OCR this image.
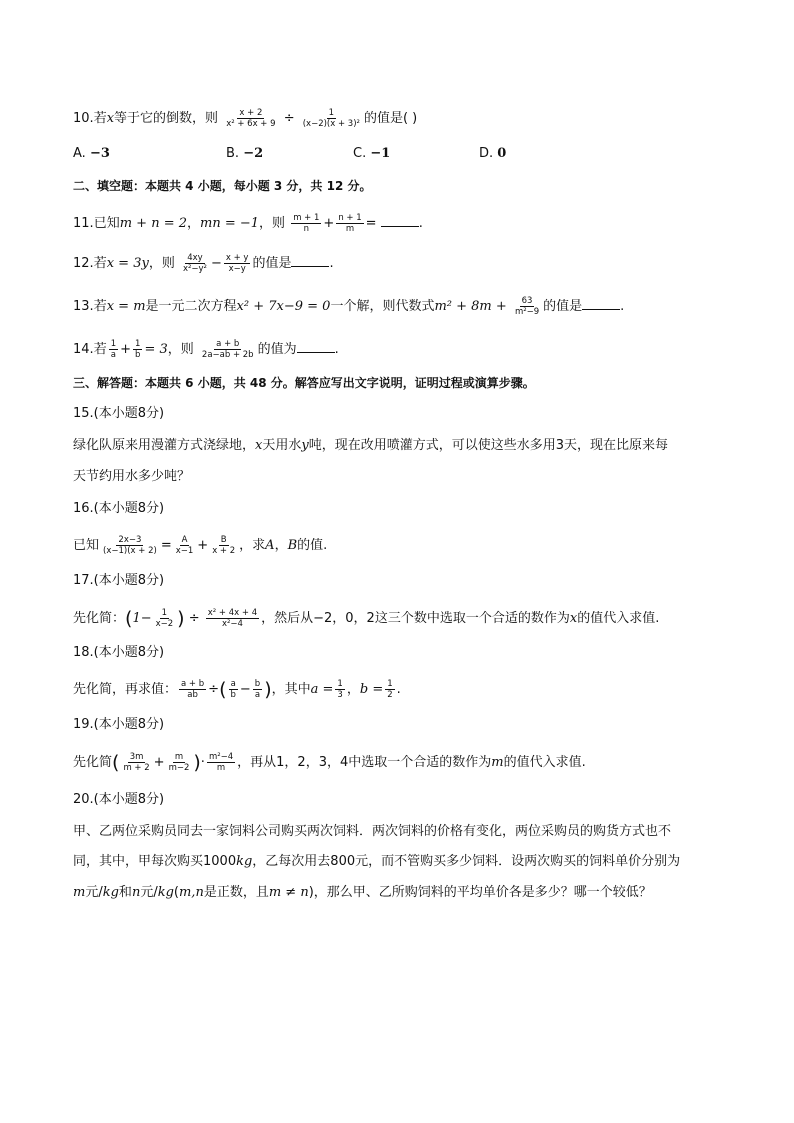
10.若x等于它的倒数，则 $\frac{x + 2}{\text{x² + 6x + 9}} \div \frac{1}{\text{(x−2)(x + 3)²}}$ 的值是( )
A. −3	B. −2	C. −1	D. 0
二、填空题：本题共 4 小题，每小题 3 分，共 12 分。
11.已知m + n = 2，mn = −1，则 $\frac{m + 1}{n} + \frac{n + 1}{m}$ =	.
12.若x = 3y，则 $\frac{4xy}{\text{x²−y²}} - \frac{x + y}{x-y}$ 的值是	.
13.若x = m是一元二次方程x² + 7x−9 = 0一个解，则代数式$m^2 + 8m + \frac{63}{\text{m²−9}}$ 的值是	.
14.若 $\frac{1}{a} + \frac{1}{b} = 3$，则 $\frac{a + b}{2a-ab + 2b}$ 的值为	.
三、解答题：本题共 6 小题，共 48 分。解答应写出文字说明，证明过程或演算步骤。
15.(本小题8分)
绿化队原来用漫灌方式浇绿地，x天用水y吨，现在改用喷灌方式，可以使这些水多用3天，现在比原来每
天节约用水多少吨？
16.(本小题8分)
已知 $\frac{2x-3}{(x-1)(x + 2)} = \frac{A}{x-1} + \frac{B}{x + 2}$ ，求A，B的值.
17.(本小题8分)
先化简：($1- \frac{1}{x-2}$ ) ÷ $\frac{\text{x² + 4x + 4}}{\text{x²−4}}$ ，然后从−2，0，2这三个数中选取一个合适的数作为x的值代入求值.
18.(本小题8分)
先化简，再求值： $\frac{a + b}{ab}$ ÷( $\frac{a}{b} - \frac{b}{a}$ )，其中$a = \frac{1}{3}$ ，$b = \frac{1}{2}$ .
19.(本小题8分)
先化简( $\frac{3m}{m + 2} + \frac{m}{m-2}$ )· $\frac{\text{m²−4}}{m}$ ，再从1，2，3，4中选取一个合适的数作为m的值代入求值.
20.(本小题8分)
甲、乙两位采购员同去一家饲料公司购买两次饲料．两次饲料的价格有变化，两位采购员的购货方式也不
同，其中，甲每次购买1000kg，乙每次用去800元，而不管购买多少饲料．设两次购买的饲料单价分别为
m元/kg和n元/kg(m,n是正数，且m ≠ n)，那么甲、乙所购饲料的平均单价各是多少？哪一个较低？
